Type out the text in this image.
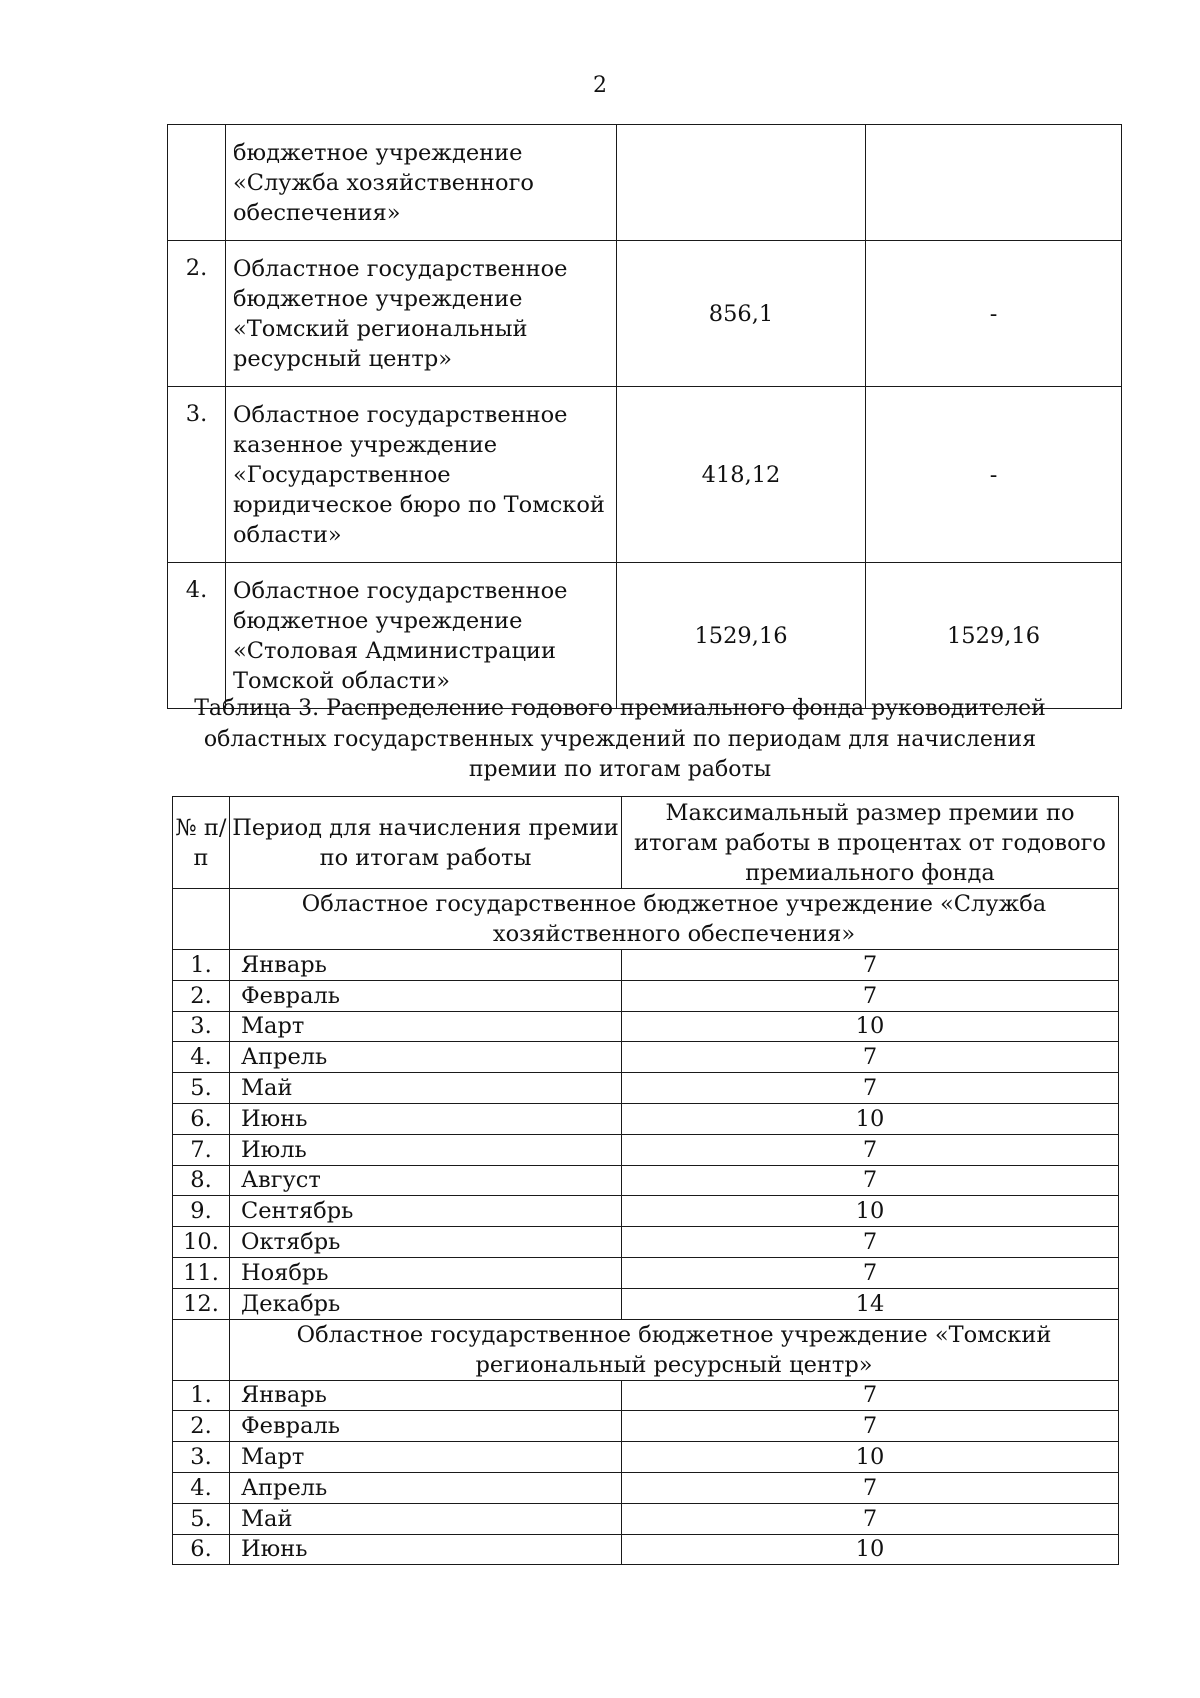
2
	бюджетное учреждение «Служба хозяйственного обеспечения»		
2.	Областное государственное бюджетное учреждение «Томский региональный ресурсный центр»	856,1	-
3.	Областное государственное казенное учреждение «Государственное юридическое бюро по Томской области»	418,12	-
4.	Областное государственное бюджетное учреждение «Столовая Администрации Томской области»	1529,16	1529,16
Таблица 3. Распределение годового премиального фонда руководителей областных государственных учреждений по периодам для начисления премии по итогам работы
№ п/п	Период для начисления премии по итогам работы	Максимальный размер премии по итогам работы в процентах от годового премиального фонда
	Областное государственное бюджетное учреждение «Служба хозяйственного обеспечения»	
1.	Январь	7
2.	Февраль	7
3.	Март	10
4.	Апрель	7
5.	Май	7
6.	Июнь	10
7.	Июль	7
8.	Август	7
9.	Сентябрь	10
10.	Октябрь	7
11.	Ноябрь	7
12.	Декабрь	14
	Областное государственное бюджетное учреждение «Томский региональный ресурсный центр»	
1.	Январь	7
2.	Февраль	7
3.	Март	10
4.	Апрель	7
5.	Май	7
6.	Июнь	10
